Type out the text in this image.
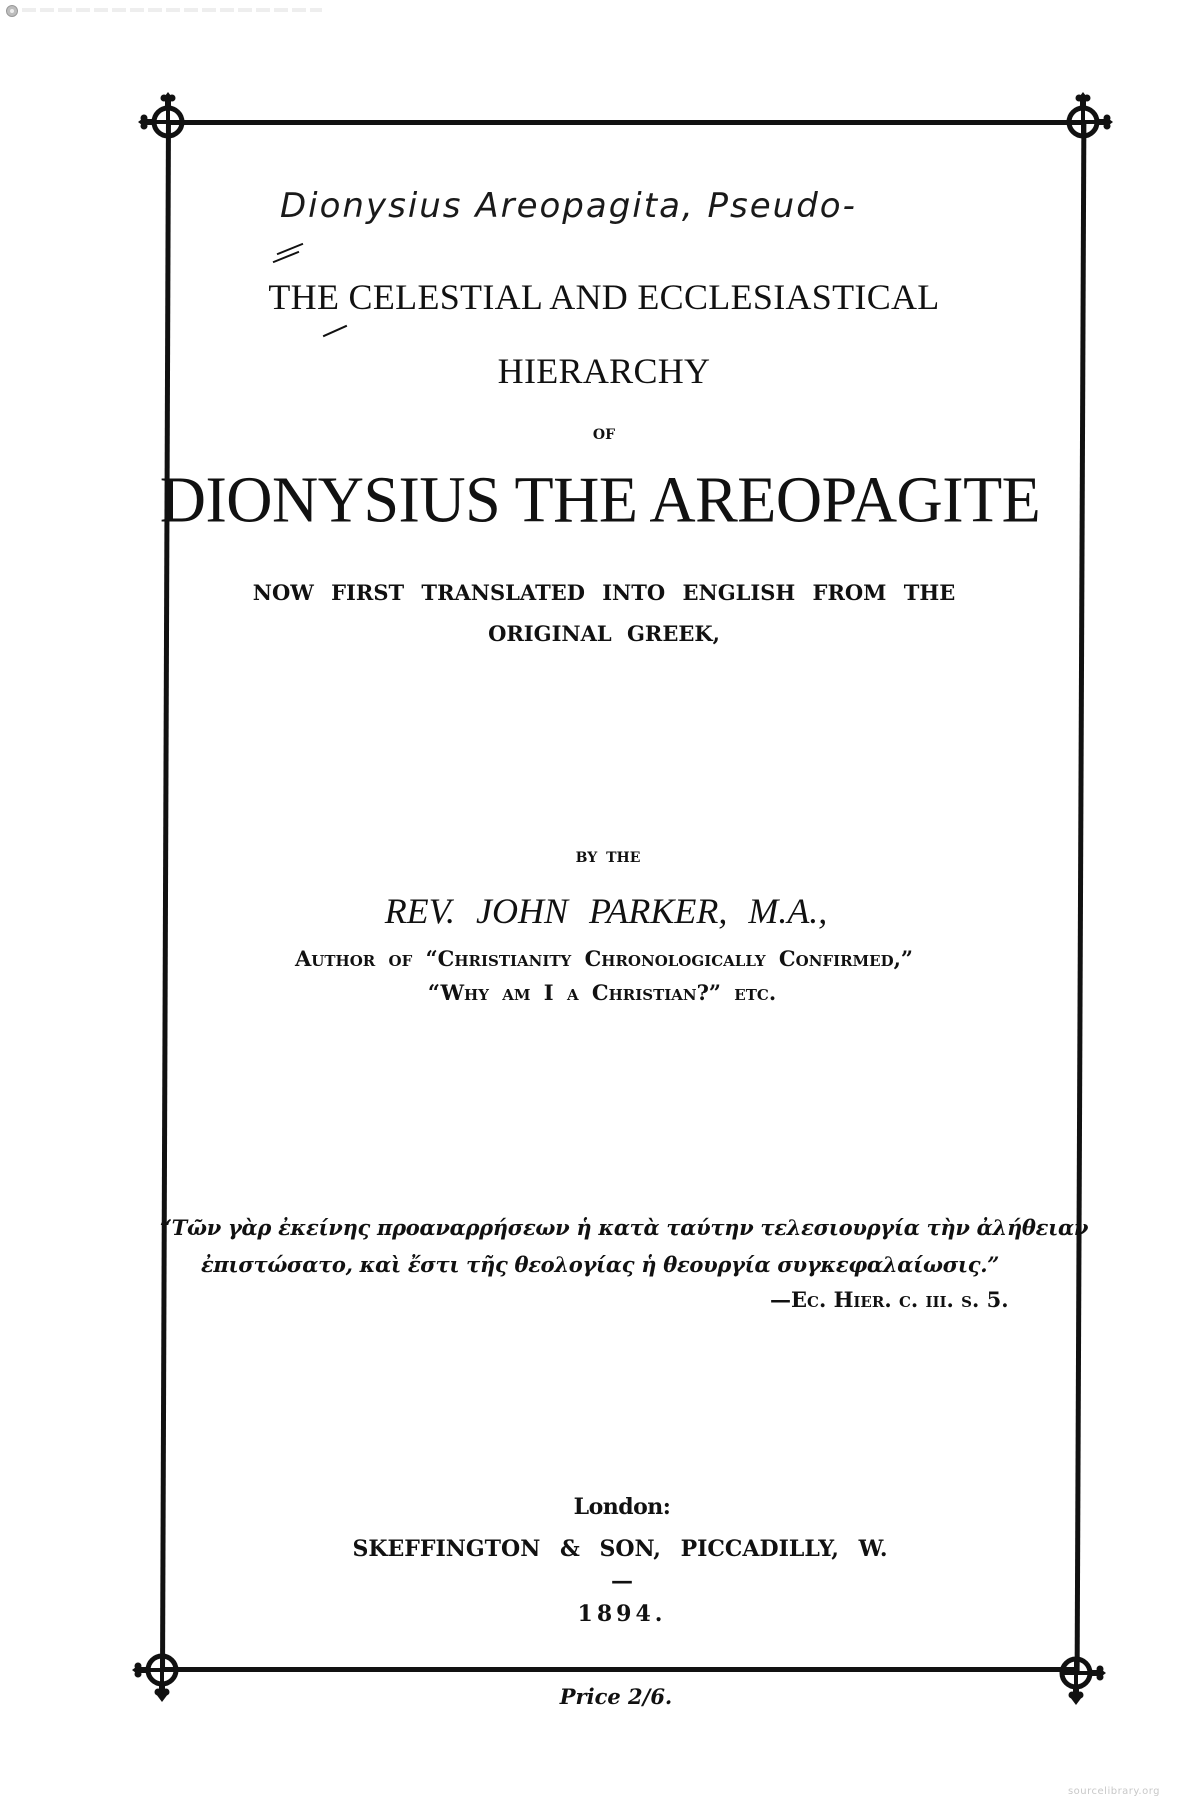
Dionysius Areopagita, Pseudo-
THE CELESTIAL AND ECCLESIASTICAL
HIERARCHY
OF
DIONYSIUS THE AREOPAGITE
NOW FIRST TRANSLATED INTO ENGLISH FROM THE
ORIGINAL GREEK,
BY THE
REV. JOHN PARKER, M.A.,
Author of “Christianity Chronologically Confirmed,”
“Why am I a Christian?” etc.
“Tῶν γὰρ ἐκείνης προαναρρήσεων ἡ κατὰ ταύτην τελεσιουργία τὴν ἀλήθειαν
ἐπιστώσατο, καὶ ἔστι τῆς θεολογίας ἡ θεουργία συγκεφαλαίωσις.”
—Ec. Hier. c. iii. s. 5.
London:
SKEFFINGTON & SON, PICCADILLY, W.
—
1894.
Price 2/6.
sourcelibrary.org
